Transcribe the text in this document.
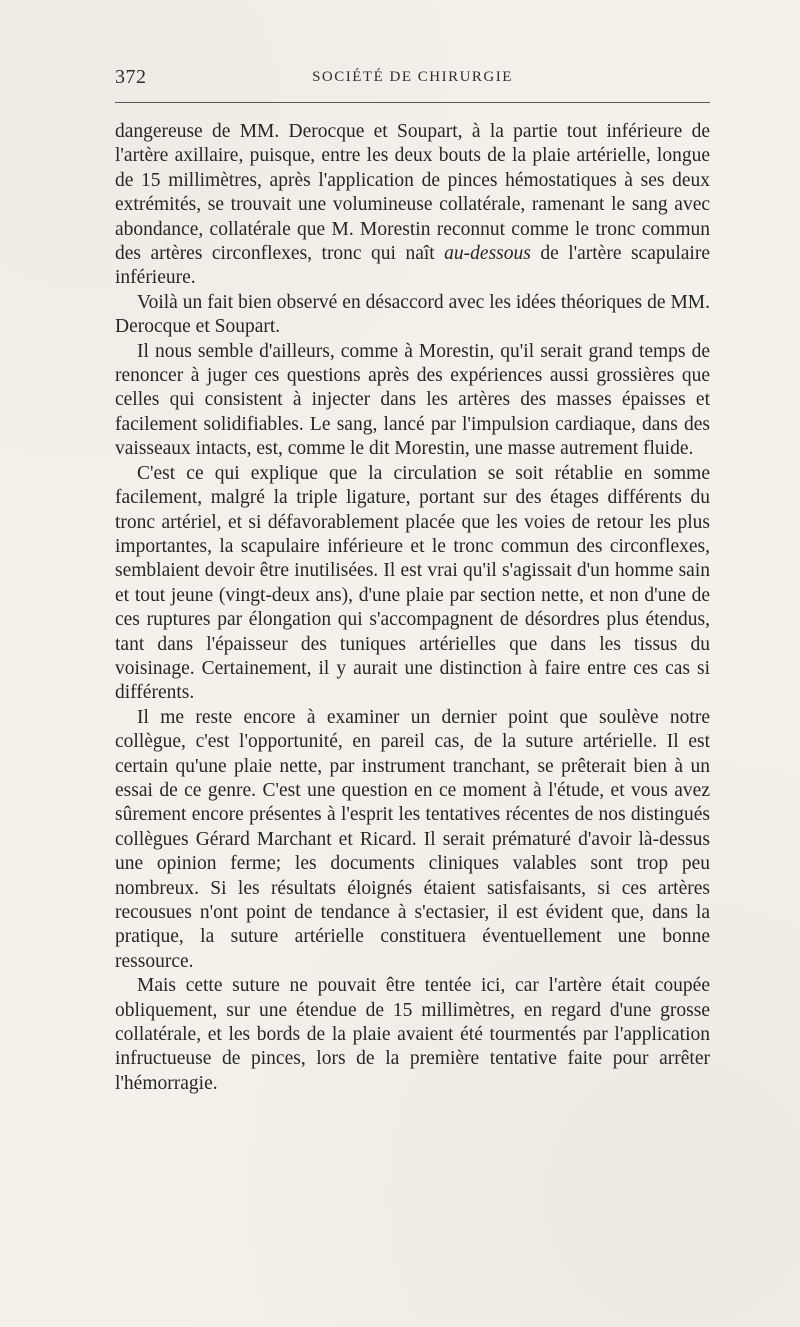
372	SOCIÉTÉ DE CHIRURGIE

dangereuse de MM. Derocque et Soupart, à la partie tout inférieure de l'artère axillaire, puisque, entre les deux bouts de la plaie artérielle, longue de 15 millimètres, après l'application de pinces hémostatiques à ses deux extrémités, se trouvait une volumineuse collatérale, ramenant le sang avec abondance, collatérale que M. Morestin reconnut comme le tronc commun des artères circonflexes, tronc qui naît au-dessous de l'artère scapulaire inférieure.

Voilà un fait bien observé en désaccord avec les idées théoriques de MM. Derocque et Soupart.

Il nous semble d'ailleurs, comme à Morestin, qu'il serait grand temps de renoncer à juger ces questions après des expériences aussi grossières que celles qui consistent à injecter dans les artères des masses épaisses et facilement solidifiables. Le sang, lancé par l'impulsion cardiaque, dans des vaisseaux intacts, est, comme le dit Morestin, une masse autrement fluide.

C'est ce qui explique que la circulation se soit rétablie en somme facilement, malgré la triple ligature, portant sur des étages différents du tronc artériel, et si défavorablement placée que les voies de retour les plus importantes, la scapulaire inférieure et le tronc commun des circonflexes, semblaient devoir être inutilisées. Il est vrai qu'il s'agissait d'un homme sain et tout jeune (vingt-deux ans), d'une plaie par section nette, et non d'une de ces ruptures par élongation qui s'accompagnent de désordres plus étendus, tant dans l'épaisseur des tuniques artérielles que dans les tissus du voisinage. Certainement, il y aurait une distinction à faire entre ces cas si différents.

Il me reste encore à examiner un dernier point que soulève notre collègue, c'est l'opportunité, en pareil cas, de la suture artérielle. Il est certain qu'une plaie nette, par instrument tranchant, se prêterait bien à un essai de ce genre. C'est une question en ce moment à l'étude, et vous avez sûrement encore présentes à l'esprit les tentatives récentes de nos distingués collègues Gérard Marchant et Ricard. Il serait prématuré d'avoir là-dessus une opinion ferme; les documents cliniques valables sont trop peu nombreux. Si les résultats éloignés étaient satisfaisants, si ces artères recousues n'ont point de tendance à s'ectasier, il est évident que, dans la pratique, la suture artérielle constituera éventuellement une bonne ressource.

Mais cette suture ne pouvait être tentée ici, car l'artère était coupée obliquement, sur une étendue de 15 millimètres, en regard d'une grosse collatérale, et les bords de la plaie avaient été tourmentés par l'application infructueuse de pinces, lors de la première tentative faite pour arrêter l'hémorragie.
